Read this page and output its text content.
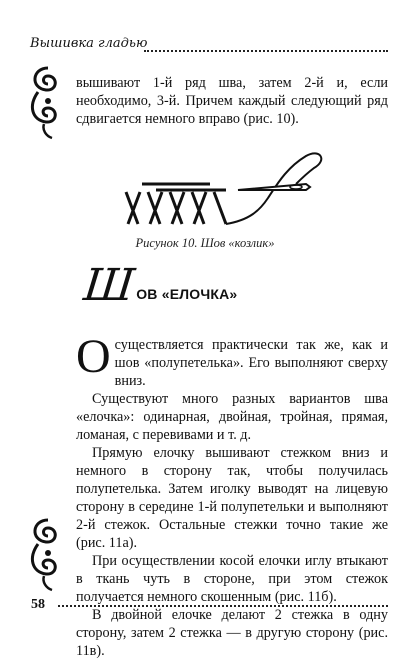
Вышивка гладью

вышивают 1-й ряд шва, затем 2-й и, если необходимо, 3-й. Причем каждый следующий ряд сдвигается немного вправо (рис. 10).

Рисунок 10. Шов «козлик»
Ш ОВ «ЕЛОЧКА»

Осуществляется практически так же, как и шов «полупетелька». Его выполняют сверху вниз.

Существуют много разных вариантов шва «елочка»: одинарная, двойная, тройная, прямая, ломаная, с перевивами и т. д.

Прямую елочку вышивают стежком вниз и немного в сторону так, чтобы получилась полупетелька. Затем иголку выводят на лицевую сторону в середине 1-й полупетельки и выполняют 2-й стежок. Остальные стежки точно такие же (рис. 11а).

При осуществлении косой елочки иглу втыкают в ткань чуть в стороне, при этом стежок получается немного скошенным (рис. 11б).

В двойной елочке делают 2 стежка в одну сторону, затем 2 стежка — в другую сторону (рис. 11в).

58
